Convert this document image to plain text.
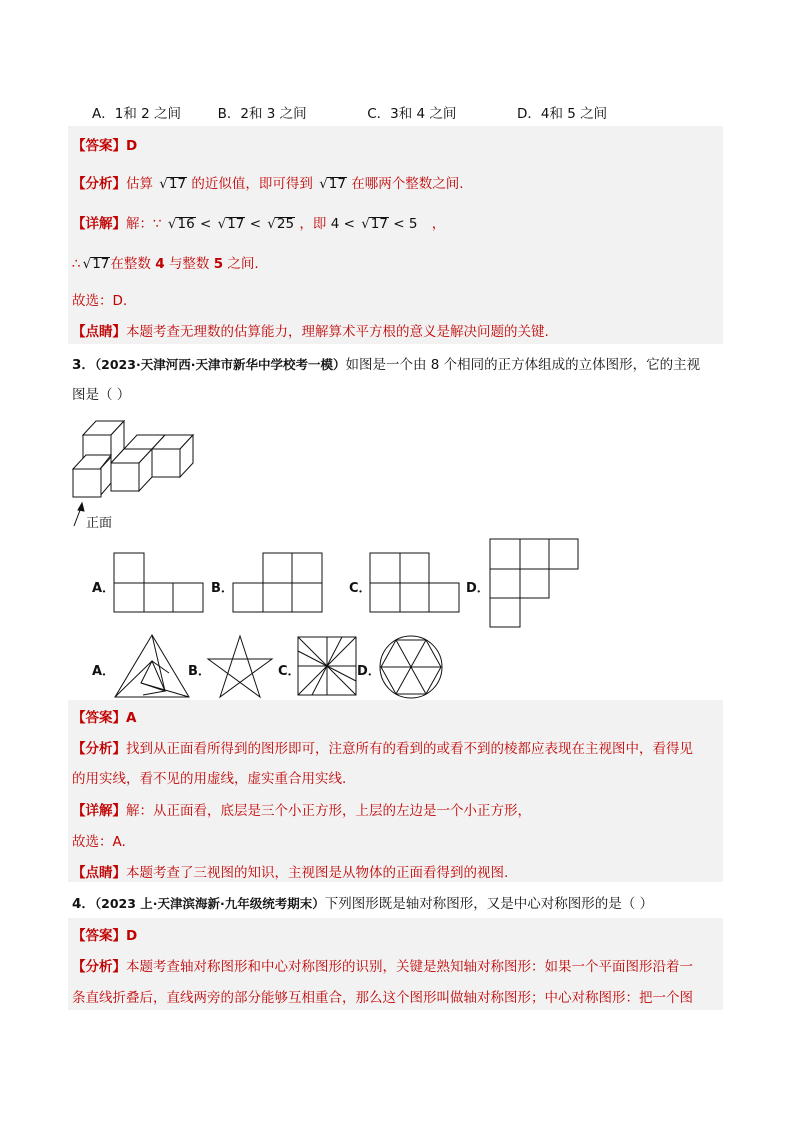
A．1和 2 之间	B．2和 3 之间	C．3和 4 之间	D．4和 5 之间
【答案】D
【分析】估算 √ 17 的近似值，即可得到 √ 17 在哪两个整数之间.
【详解】解：∵ √ 16 < √ 17 < √ 25 ，即 4 < √ 17 < 5 ，
∴ √ 17在整数 4 与整数 5 之间.
故选：D.
【点睛】本题考查无理数的估算能力，理解算术平方根的意义是解决问题的关键.
3．（2023·天津河西·天津市新华中学校考一模）如图是一个由 8 个相同的正方体组成的立体图形，它的主视
图是（ ）
正面
A．	B．	C．	D．
A．	B．	C．	D．
【答案】A
【分析】找到从正面看所得到的图形即可，注意所有的看到的或看不到的棱都应表现在主视图中，看得见
的用实线，看不见的用虚线，虚实重合用实线.
【详解】解：从正面看，底层是三个小正方形，上层的左边是一个小正方形，
故选：A.
【点睛】本题考查了三视图的知识，主视图是从物体的正面看得到的视图.
4．（2023 上·天津滨海新·九年级统考期末）下列图形既是轴对称图形，又是中心对称图形的是（ ）
【答案】D
【分析】本题考查轴对称图形和中心对称图形的识别，关键是熟知轴对称图形：如果一个平面图形沿着一
条直线折叠后，直线两旁的部分能够互相重合，那么这个图形叫做轴对称图形；中心对称图形：把一个图
